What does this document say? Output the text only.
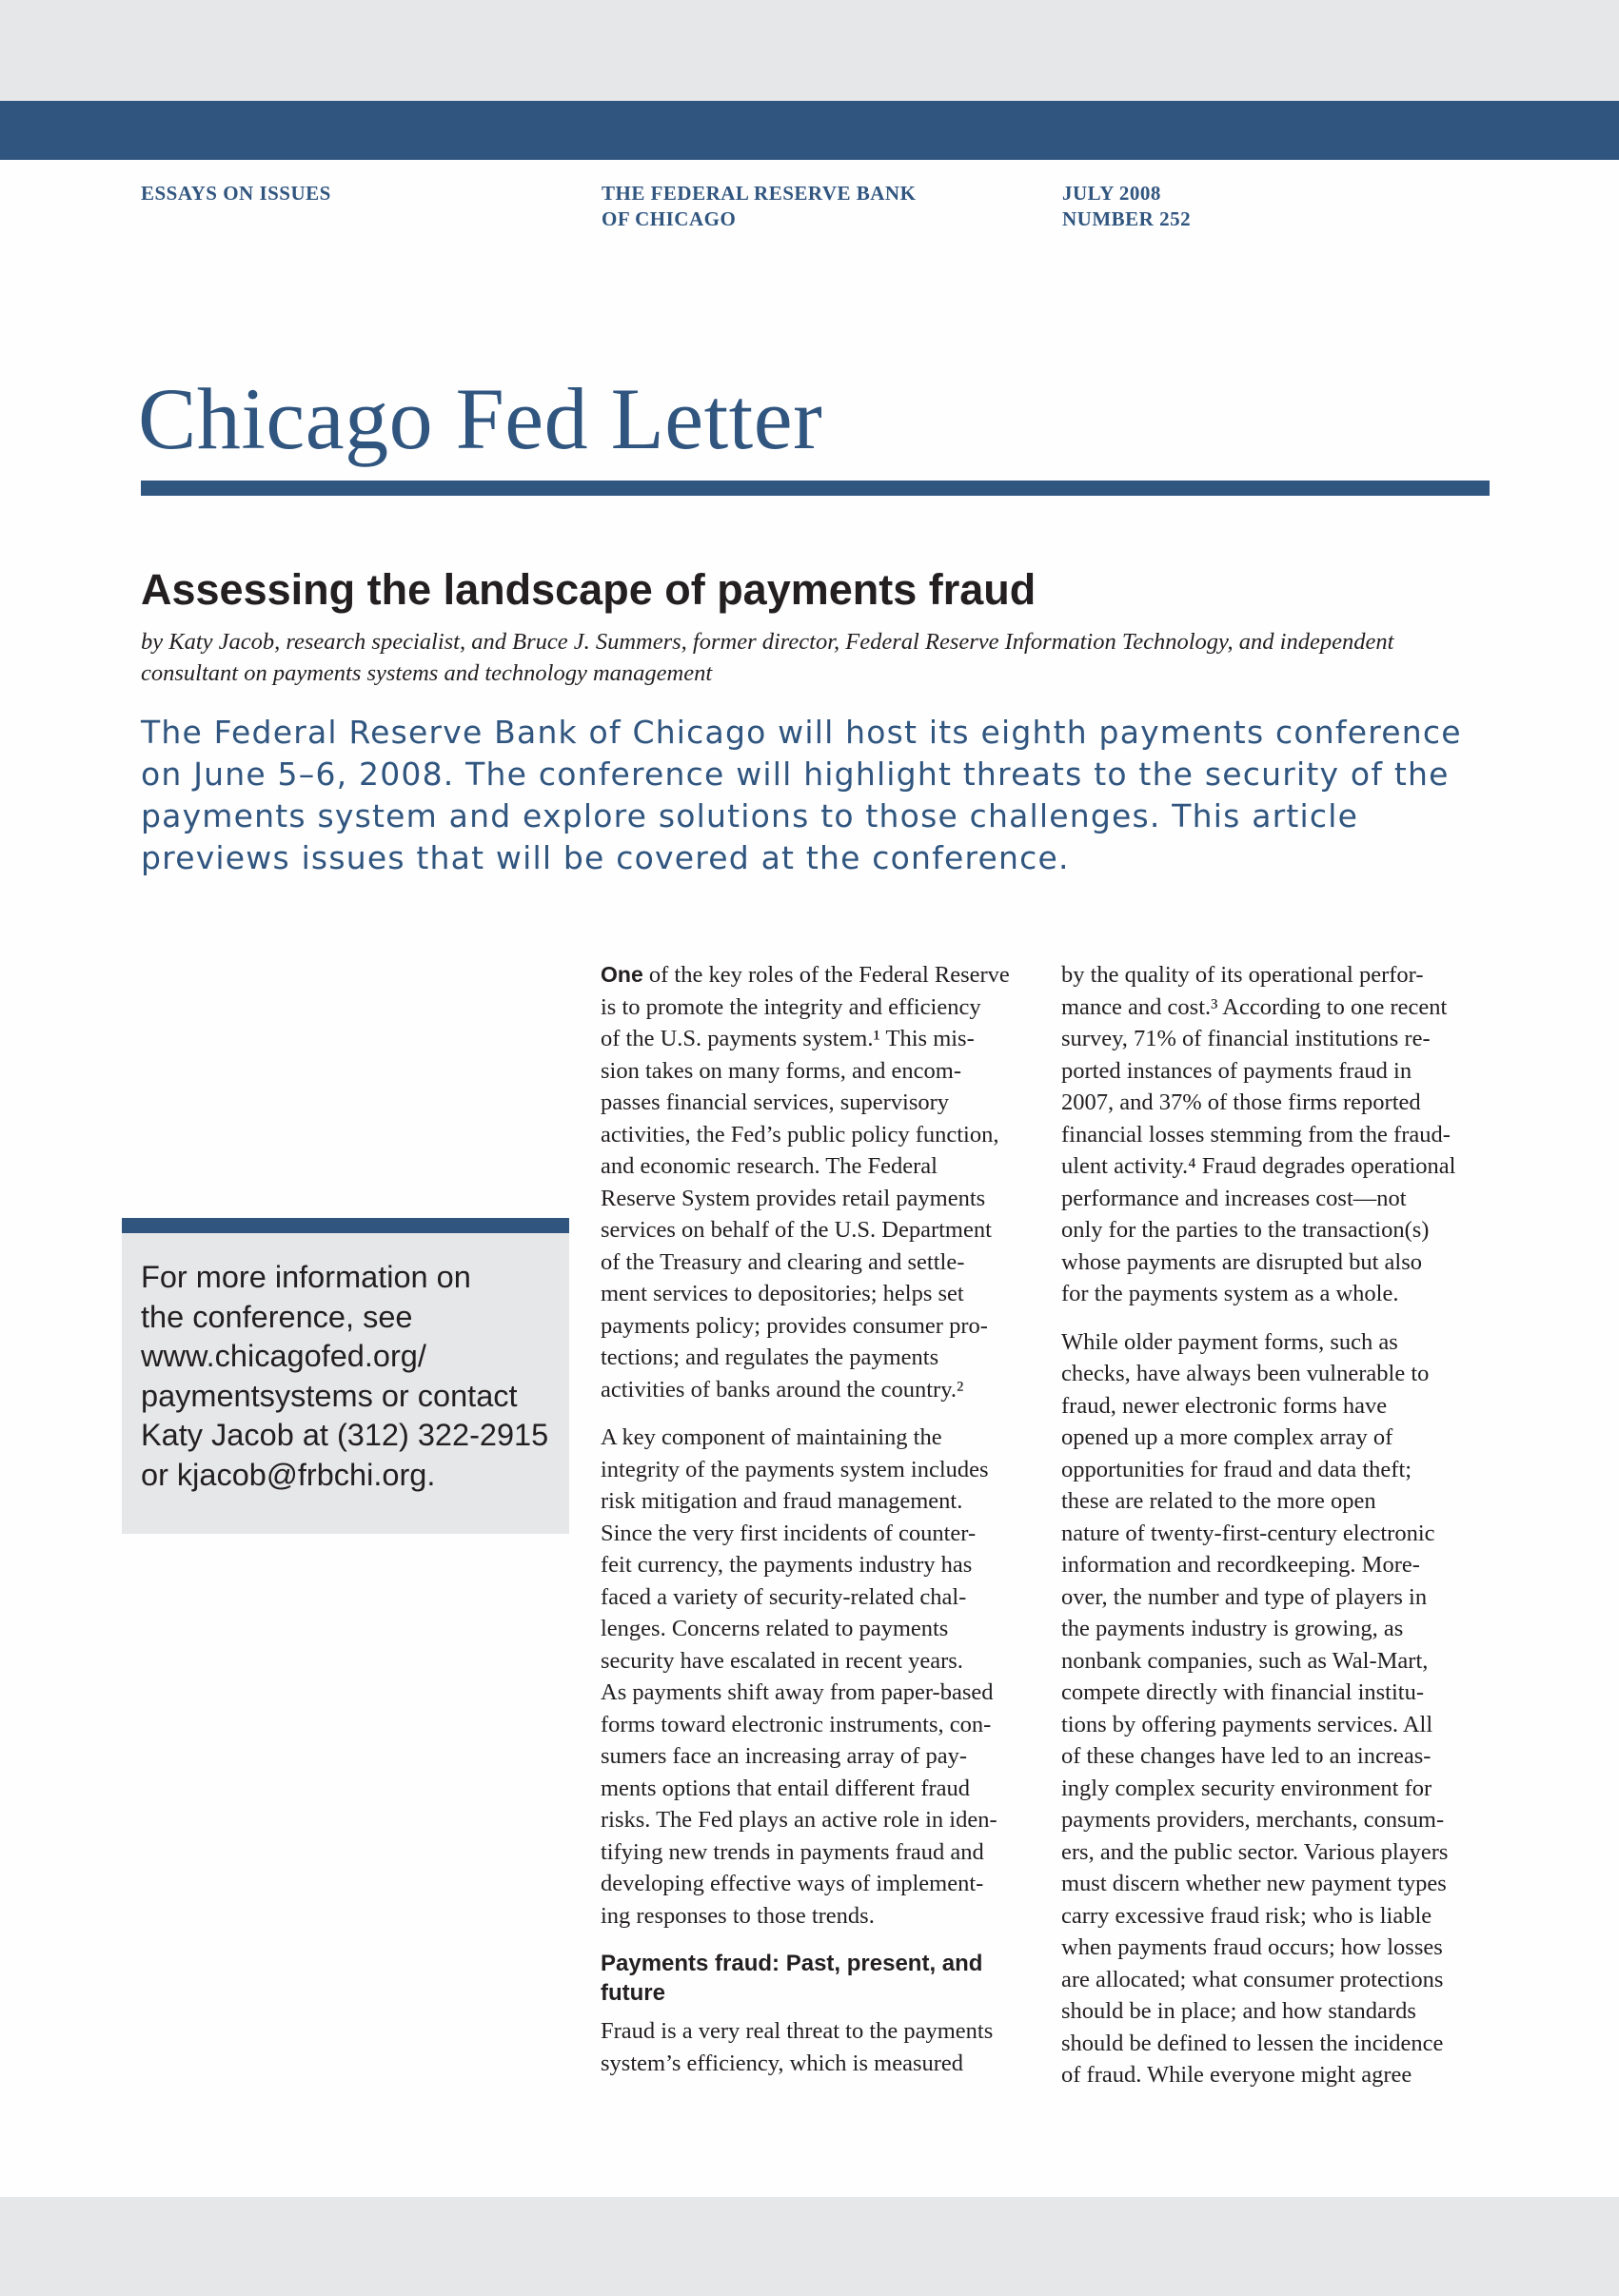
ESSAYS ON ISSUES	THE FEDERAL RESERVE BANK
OF CHICAGO
JULY 2008
NUMBER 252
Chicago Fed Letter
Assessing the landscape of payments fraud
by Katy Jacob, research specialist, and Bruce J. Summers, former director, Federal Reserve Information Technology, and independent consultant on payments systems and technology management
The Federal Reserve Bank of Chicago will host its eighth payments conference on June 5–6, 2008. The conference will highlight threats to the security of the payments system and explore solutions to those challenges. This article previews issues that will be covered at the conference.
For more information on
the conference, see
www.chicagofed.org/
paymentsystems or contact
Katy Jacob at (312) 322-2915
or kjacob@frbchi.org.
One of the key roles of the Federal Reserve
is to promote the integrity and efficiency
of the U.S. payments system.¹ This mis-
sion takes on many forms, and encom-
passes financial services, supervisory
activities, the Fed’s public policy function,
and economic research. The Federal
Reserve System provides retail payments
services on behalf of the U.S. Department
of the Treasury and clearing and settle-
ment services to depositories; helps set
payments policy; provides consumer pro-
tections; and regulates the payments
activities of banks around the country.²
A key component of maintaining the
integrity of the payments system includes
risk mitigation and fraud management.
Since the very first incidents of counter-
feit currency, the payments industry has
faced a variety of security-related chal-
lenges. Concerns related to payments
security have escalated in recent years.
As payments shift away from paper-based
forms toward electronic instruments, con-
sumers face an increasing array of pay-
ments options that entail different fraud
risks. The Fed plays an active role in iden-
tifying new trends in payments fraud and
developing effective ways of implement-
ing responses to those trends.
Payments fraud: Past, present, and
future
Fraud is a very real threat to the payments
system’s efficiency, which is measured
by the quality of its operational perfor-
mance and cost.³ According to one recent
survey, 71% of financial institutions re-
ported instances of payments fraud in
2007, and 37% of those firms reported
financial losses stemming from the fraud-
ulent activity.⁴ Fraud degrades operational
performance and increases cost—not
only for the parties to the transaction(s)
whose payments are disrupted but also
for the payments system as a whole.
While older payment forms, such as
checks, have always been vulnerable to
fraud, newer electronic forms have
opened up a more complex array of
opportunities for fraud and data theft;
these are related to the more open
nature of twenty-first-century electronic
information and recordkeeping. More-
over, the number and type of players in
the payments industry is growing, as
nonbank companies, such as Wal-Mart,
compete directly with financial institu-
tions by offering payments services. All
of these changes have led to an increas-
ingly complex security environment for
payments providers, merchants, consum-
ers, and the public sector. Various players
must discern whether new payment types
carry excessive fraud risk; who is liable
when payments fraud occurs; how losses
are allocated; what consumer protections
should be in place; and how standards
should be defined to lessen the incidence
of fraud. While everyone might agree
